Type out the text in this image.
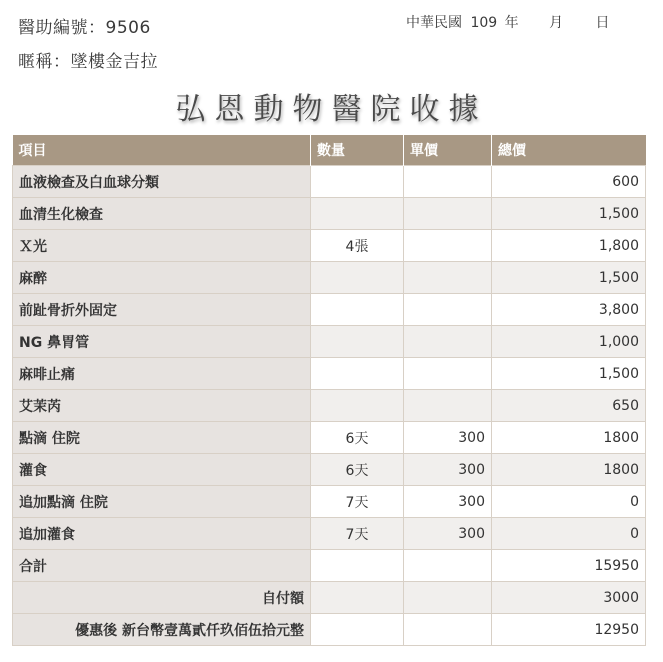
醫助編號：9506
暱稱：墜樓金吉拉
中華民國 109 年 月 日
弘恩動物醫院收據
項目	數量	單價	總價
血液檢查及白血球分類			600
血清生化檢查			1,500
Ｘ光	4張		1,800
麻醉			1,500
前趾骨折外固定			3,800
NG 鼻胃管			1,000
麻啡止痛			1,500
艾茉芮			650
點滴 住院	6天	300	1800
灌食	6天	300	1800
追加點滴 住院	7天	300	0
追加灌食	7天	300	0
合計			15950
自付額			3000
優惠後 新台幣壹萬貳仟玖佰伍拾元整			12950
